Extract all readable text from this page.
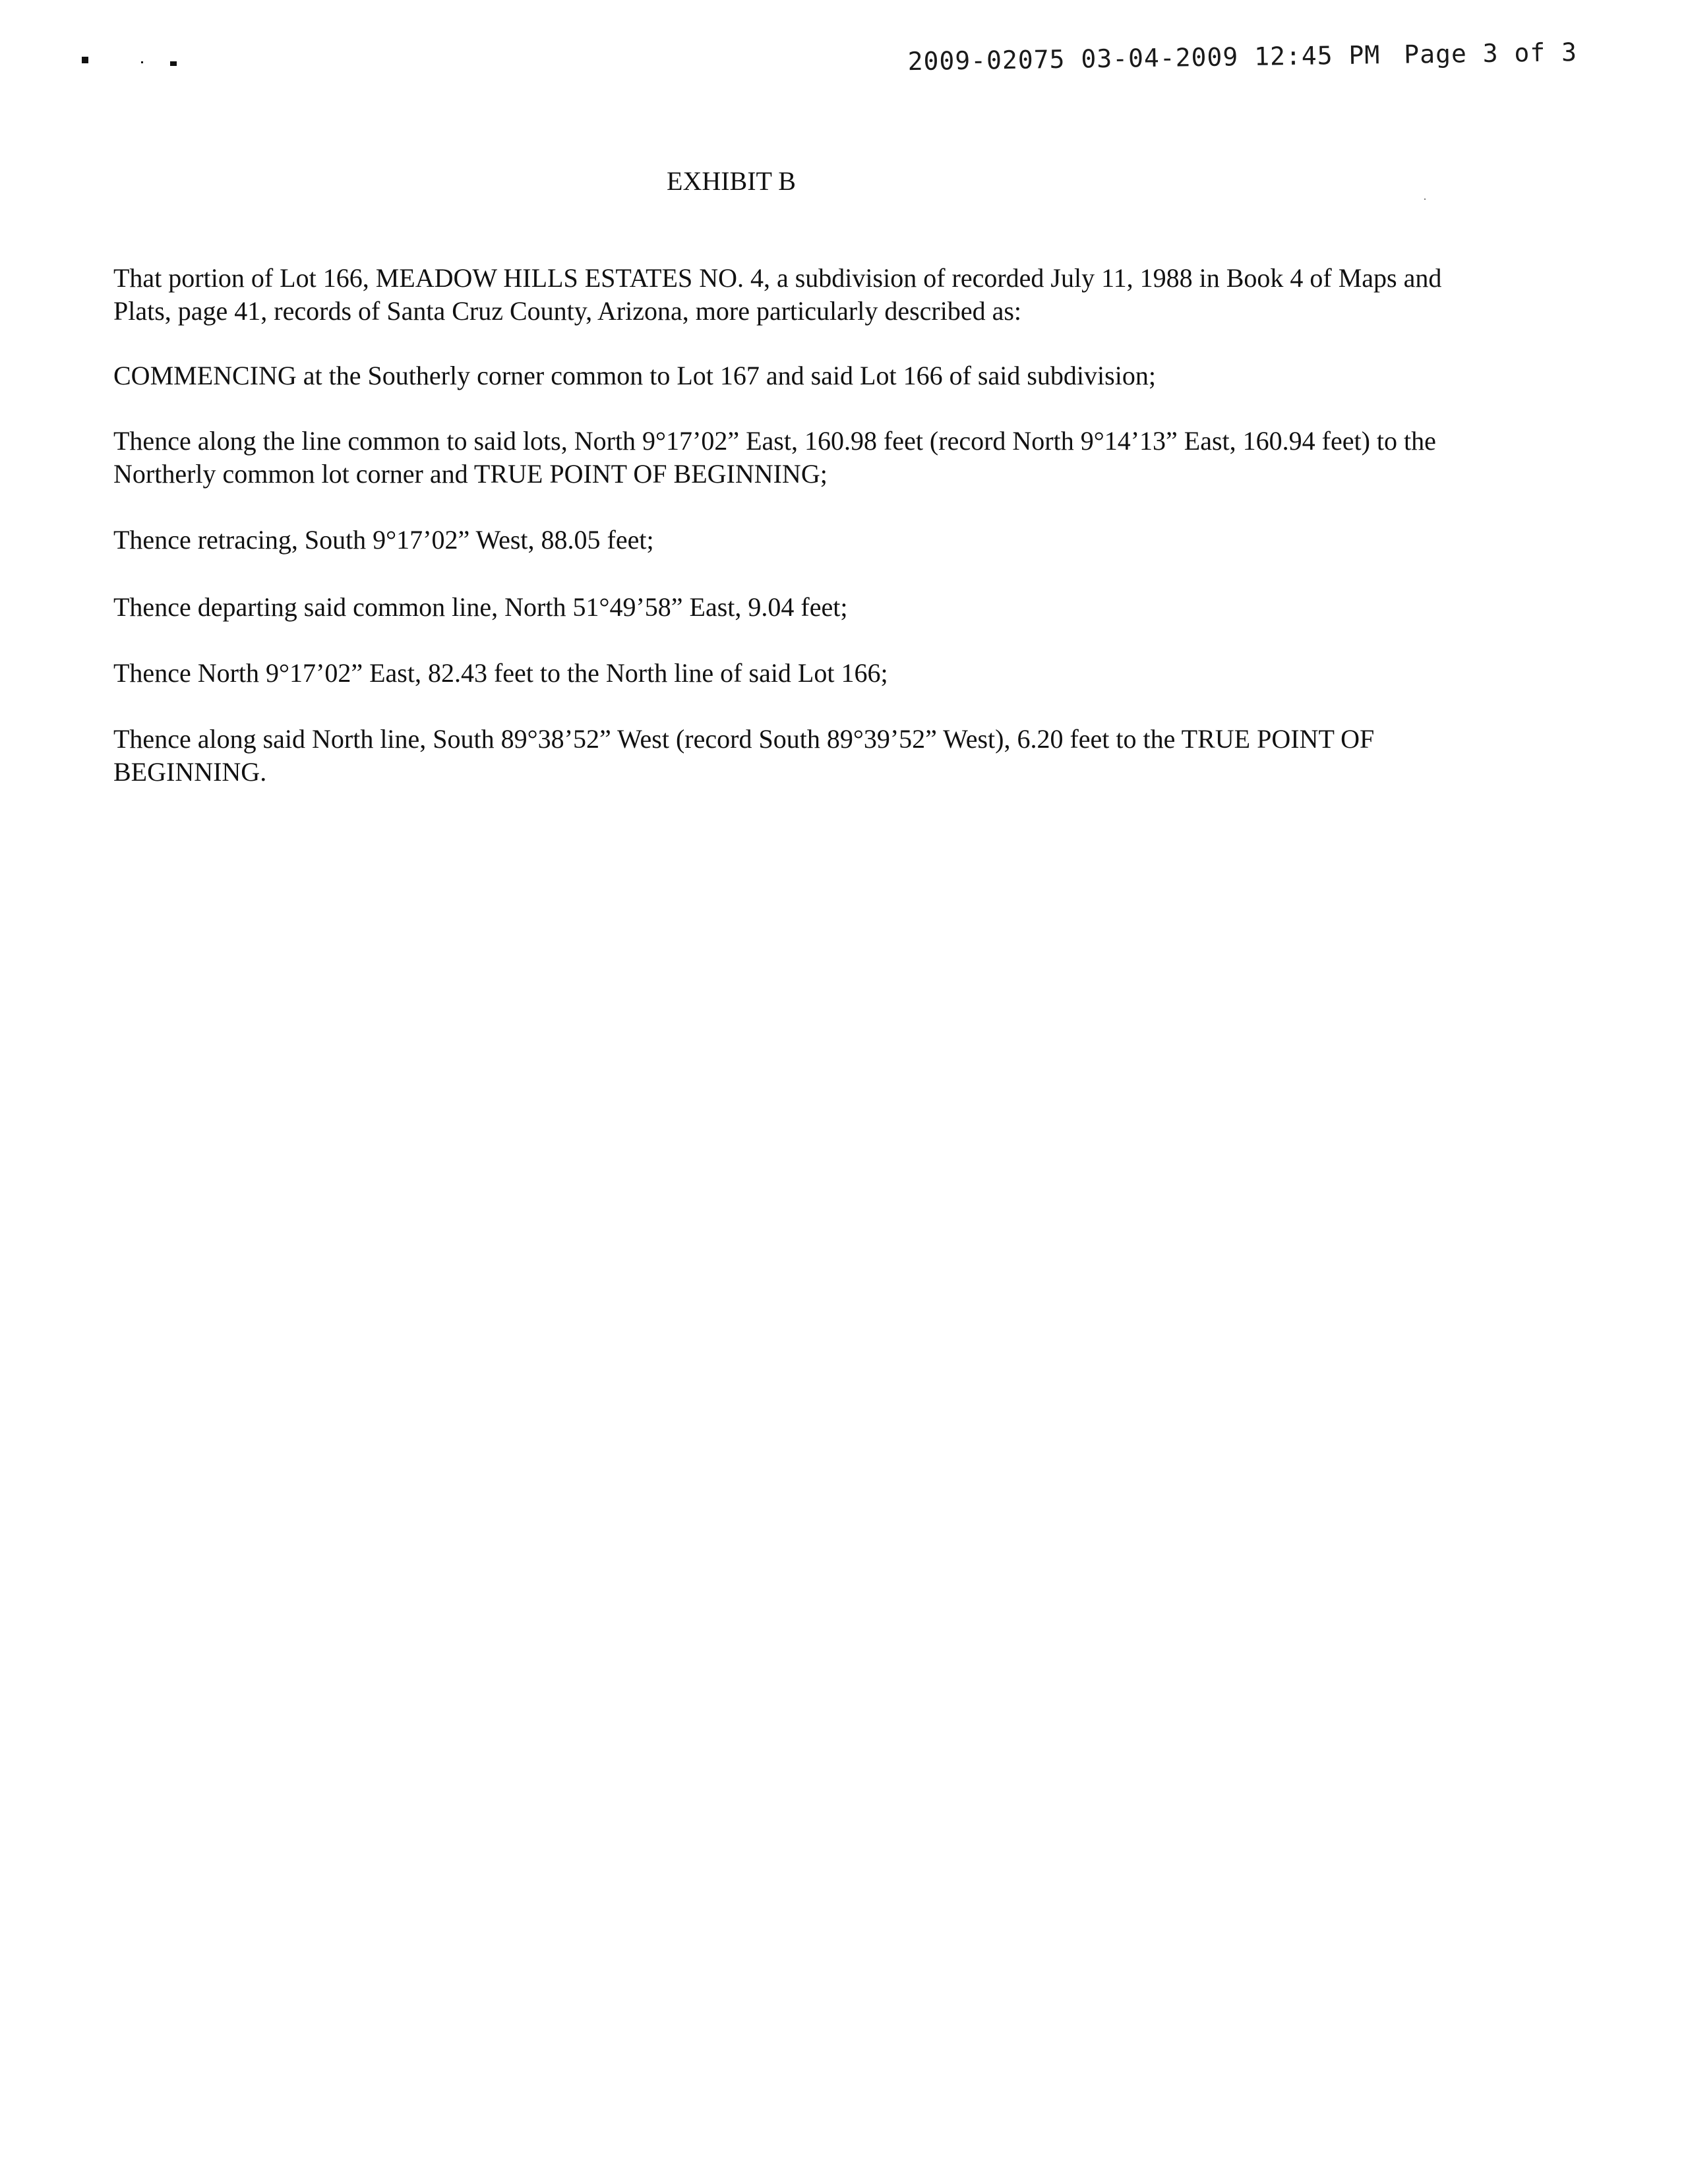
2009-02075 03-04-2009 12:45 PM Page 3 of 3
EXHIBIT B

That portion of Lot 166, MEADOW HILLS ESTATES NO. 4, a subdivision of recorded July 11, 1988 in Book 4 of Maps and
Plats, page 41, records of Santa Cruz County, Arizona, more particularly described as:

COMMENCING at the Southerly corner common to Lot 167 and said Lot 166 of said subdivision;

Thence along the line common to said lots, North 9°17’02” East, 160.98 feet (record North 9°14’13” East, 160.94 feet) to the
Northerly common lot corner and TRUE POINT OF BEGINNING;

Thence retracing, South 9°17’02” West, 88.05 feet;

Thence departing said common line, North 51°49’58” East, 9.04 feet;

Thence North 9°17’02” East, 82.43 feet to the North line of said Lot 166;

Thence along said North line, South 89°38’52” West (record South 89°39’52” West), 6.20 feet to the TRUE POINT OF
BEGINNING.
